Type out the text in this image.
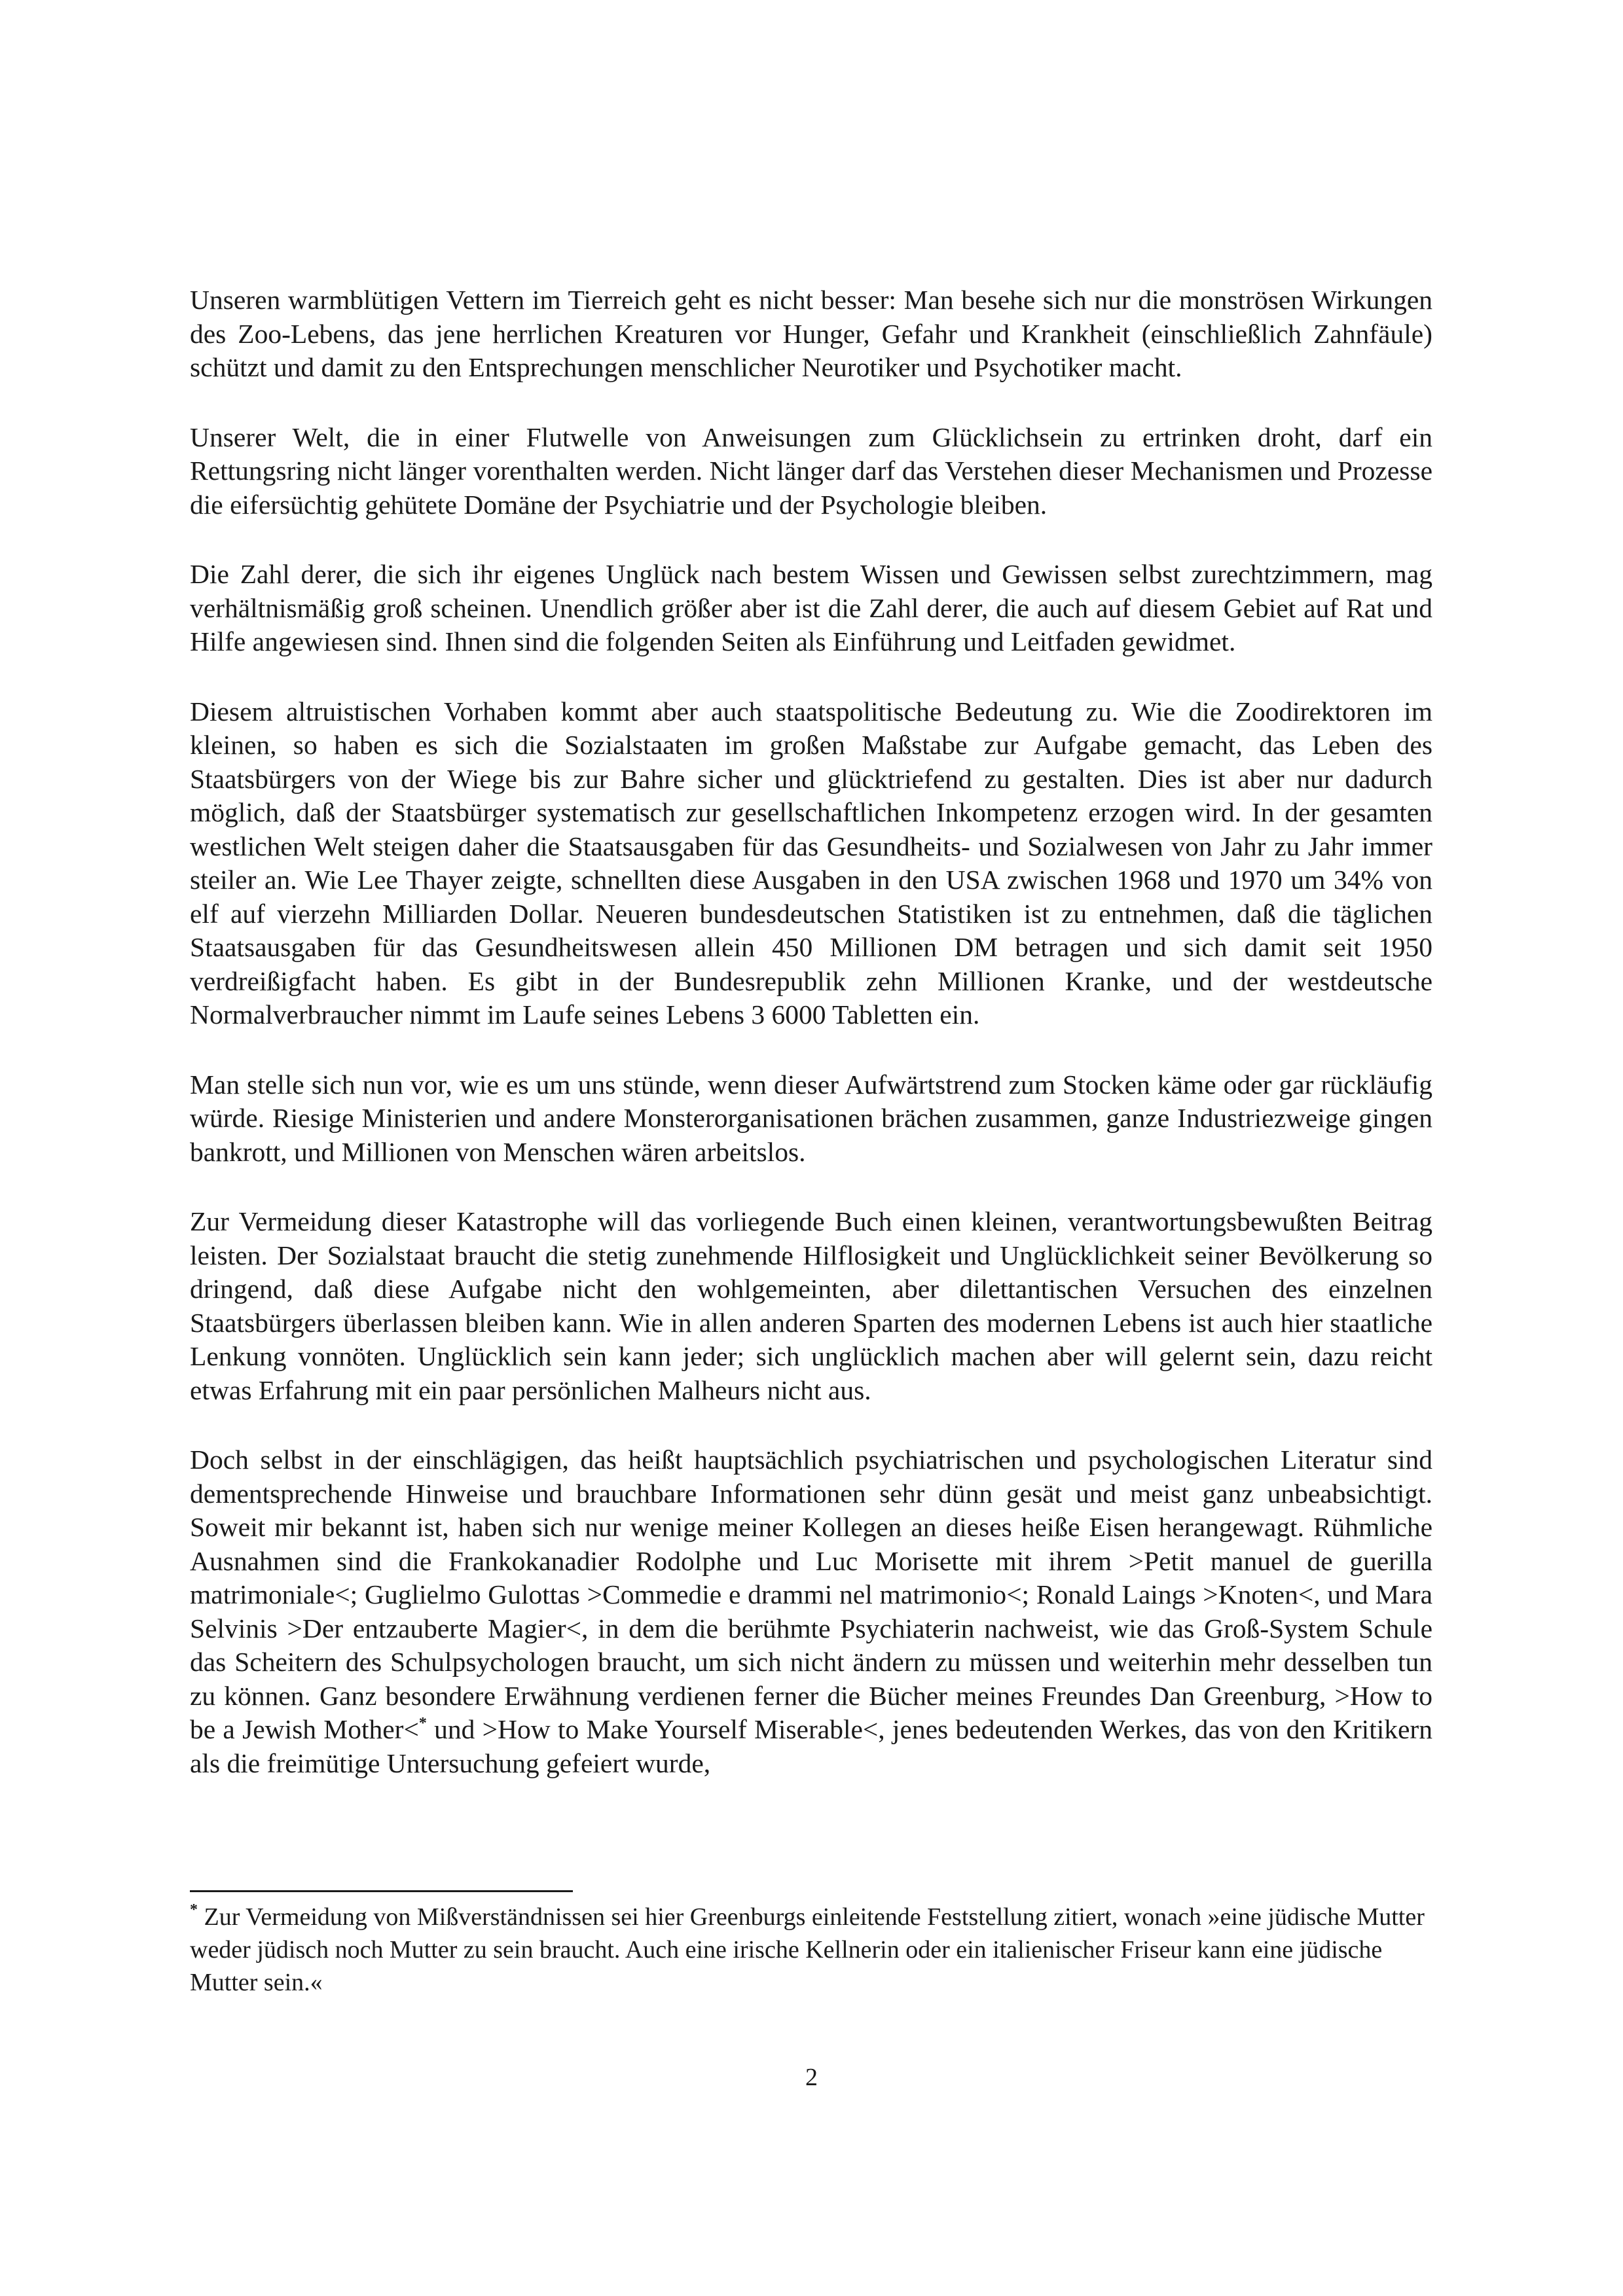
Unseren warmblütigen Vettern im Tierreich geht es nicht besser: Man besehe sich nur die monströsen Wirkungen des Zoo-Lebens, das jene herrlichen Kreaturen vor Hunger, Gefahr und Krankheit (einschließlich Zahnfäule) schützt und damit zu den Entsprechungen menschlicher Neurotiker und Psychotiker macht.

Unserer Welt, die in einer Flutwelle von Anweisungen zum Glücklichsein zu ertrinken droht, darf ein Rettungsring nicht länger vorenthalten werden. Nicht länger darf das Verstehen dieser Mechanismen und Prozesse die eifersüchtig gehütete Domäne der Psychiatrie und der Psychologie bleiben.

Die Zahl derer, die sich ihr eigenes Unglück nach bestem Wissen und Gewissen selbst zurechtzimmern, mag verhältnismäßig groß scheinen. Unendlich größer aber ist die Zahl derer, die auch auf diesem Gebiet auf Rat und Hilfe angewiesen sind. Ihnen sind die folgenden Seiten als Einführung und Leitfaden gewidmet.

Diesem altruistischen Vorhaben kommt aber auch staatspolitische Bedeutung zu. Wie die Zoodirektoren im kleinen, so haben es sich die Sozialstaaten im großen Maßstabe zur Aufgabe gemacht, das Leben des Staatsbürgers von der Wiege bis zur Bahre sicher und glücktriefend zu gestalten. Dies ist aber nur dadurch möglich, daß der Staatsbürger systematisch zur gesellschaftlichen Inkompetenz erzogen wird. In der gesamten westlichen Welt steigen daher die Staatsausgaben für das Gesundheits- und Sozialwesen von Jahr zu Jahr immer steiler an. Wie Lee Thayer zeigte, schnellten diese Ausgaben in den USA zwischen 1968 und 1970 um 34% von elf auf vierzehn Milliarden Dollar. Neueren bundesdeutschen Statistiken ist zu entnehmen, daß die täglichen Staatsausgaben für das Gesundheitswesen allein 450 Millionen DM betragen und sich damit seit 1950 verdreißigfacht haben. Es gibt in der Bundesrepublik zehn Millionen Kranke, und der westdeutsche Normalverbraucher nimmt im Laufe seines Lebens 3 6000 Tabletten ein.

Man stelle sich nun vor, wie es um uns stünde, wenn dieser Aufwärtstrend zum Stocken käme oder gar rückläufig würde. Riesige Ministerien und andere Monsterorganisationen brächen zusammen, ganze Industriezweige gingen bankrott, und Millionen von Menschen wären arbeitslos.

Zur Vermeidung dieser Katastrophe will das vorliegende Buch einen kleinen, verantwortungsbewußten Beitrag leisten. Der Sozialstaat braucht die stetig zunehmende Hilflosigkeit und Unglücklichkeit seiner Bevölkerung so dringend, daß diese Aufgabe nicht den wohlgemeinten, aber dilettantischen Versuchen des einzelnen Staatsbürgers überlassen bleiben kann. Wie in allen anderen Sparten des modernen Lebens ist auch hier staatliche Lenkung vonnöten. Unglücklich sein kann jeder; sich unglücklich machen aber will gelernt sein, dazu reicht etwas Erfahrung mit ein paar persönlichen Malheurs nicht aus.

Doch selbst in der einschlägigen, das heißt hauptsächlich psychiatrischen und psychologischen Literatur sind dementsprechende Hinweise und brauchbare Informationen sehr dünn gesät und meist ganz unbeabsichtigt. Soweit mir bekannt ist, haben sich nur wenige meiner Kollegen an dieses heiße Eisen herangewagt. Rühmliche Ausnahmen sind die Frankokanadier Rodolphe und Luc Morisette mit ihrem >Petit manuel de guerilla matrimoniale<; Guglielmo Gulottas >Commedie e drammi nel matrimonio<; Ronald Laings >Knoten<, und Mara Selvinis >Der entzauberte Magier<, in dem die berühmte Psychiaterin nachweist, wie das Groß-System Schule das Scheitern des Schulpsychologen braucht, um sich nicht ändern zu müssen und weiterhin mehr desselben tun zu können. Ganz besondere Erwähnung verdienen ferner die Bücher meines Freundes Dan Greenburg, >How to be a Jewish Mother<* und >How to Make Yourself Miserable<, jenes bedeutenden Werkes, das von den Kritikern als die freimütige Untersuchung gefeiert wurde,

* Zur Vermeidung von Mißverständnissen sei hier Greenburgs einleitende Feststellung zitiert, wonach »eine jüdische Mutter weder jüdisch noch Mutter zu sein braucht. Auch eine irische Kellnerin oder ein italienischer Friseur kann eine jüdische Mutter sein.«

2
